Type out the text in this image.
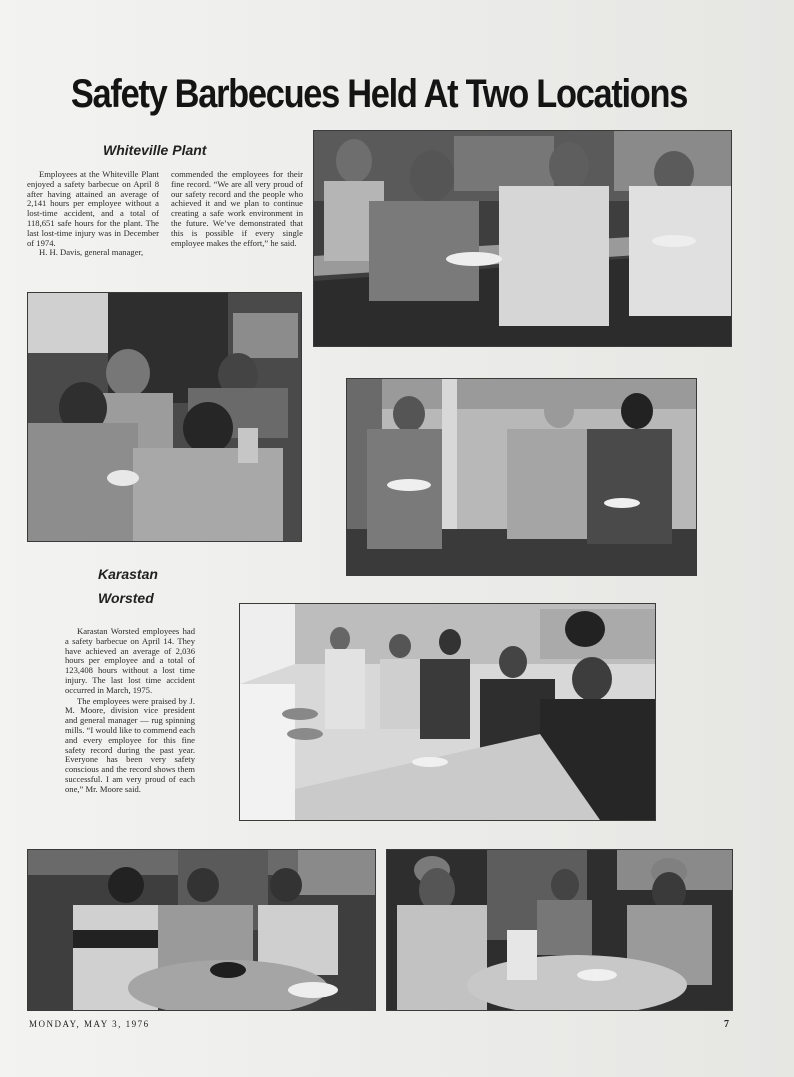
Safety Barbecues Held At Two Locations
Whiteville Plant

Employees at the Whiteville Plant enjoyed a safety barbecue on April 8 after having attained an average of 2,141 hours per employee without a lost-time accident, and a total of 118,651 safe hours for the plant. The last lost-time injury was in December of 1974.

H. H. Davis, general manager,

commended the employees for their fine record. “We are all very proud of our safety record and the people who achieved it and we plan to continue creating a safe work environment in the future. We’ve demonstrated that this is possible if every single employee makes the effort,” he said.

Karastan
Worsted

Karastan Worsted employees had a safety barbecue on April 14. They have achieved an average of 2,036 hours per employee and a total of 123,408 hours without a lost time injury. The last lost time accident occurred in March, 1975.

The employees were praised by J. M. Moore, division vice president and general manager — rug spinning mills. “I would like to commend each and every employee for this fine safety record during the past year. Everyone has been very safety conscious and the record shows them successful. I am very proud of each one,” Mr. Moore said.

MONDAY, MAY 3, 1976	7
